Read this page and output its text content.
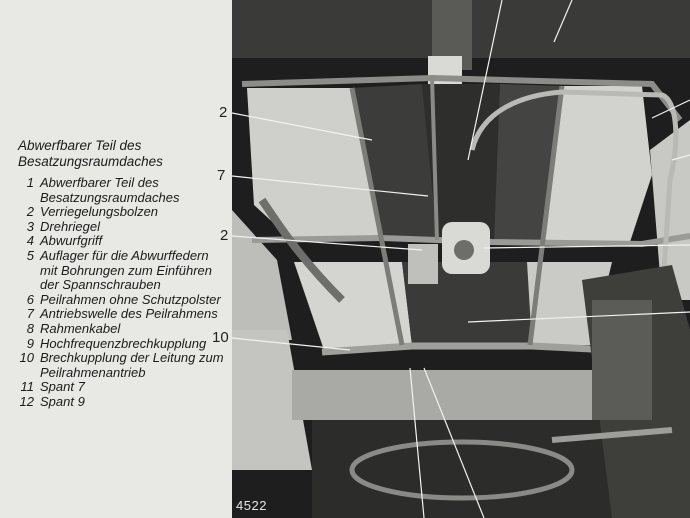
Abwerfbarer Teil des Besatzungsraumdaches
1 Abwerfbarer Teil des Besatzungsraumdaches
2 Verriegelungsbolzen
3 Drehriegel
4 Abwurfgriff
5 Auflager für die Abwurffedern mit Bohrungen zum Einführen der Spannschrauben
6 Peilrahmen ohne Schutzpolster
7 Antriebswelle des Peilrahmens
8 Rahmenkabel
9 Hochfrequenzbrechkupplung
10 Brechkupplung der Leitung zum Peilrahmenantrieb
11 Spant 7
12 Spant 9
2
7
2
10
4522
